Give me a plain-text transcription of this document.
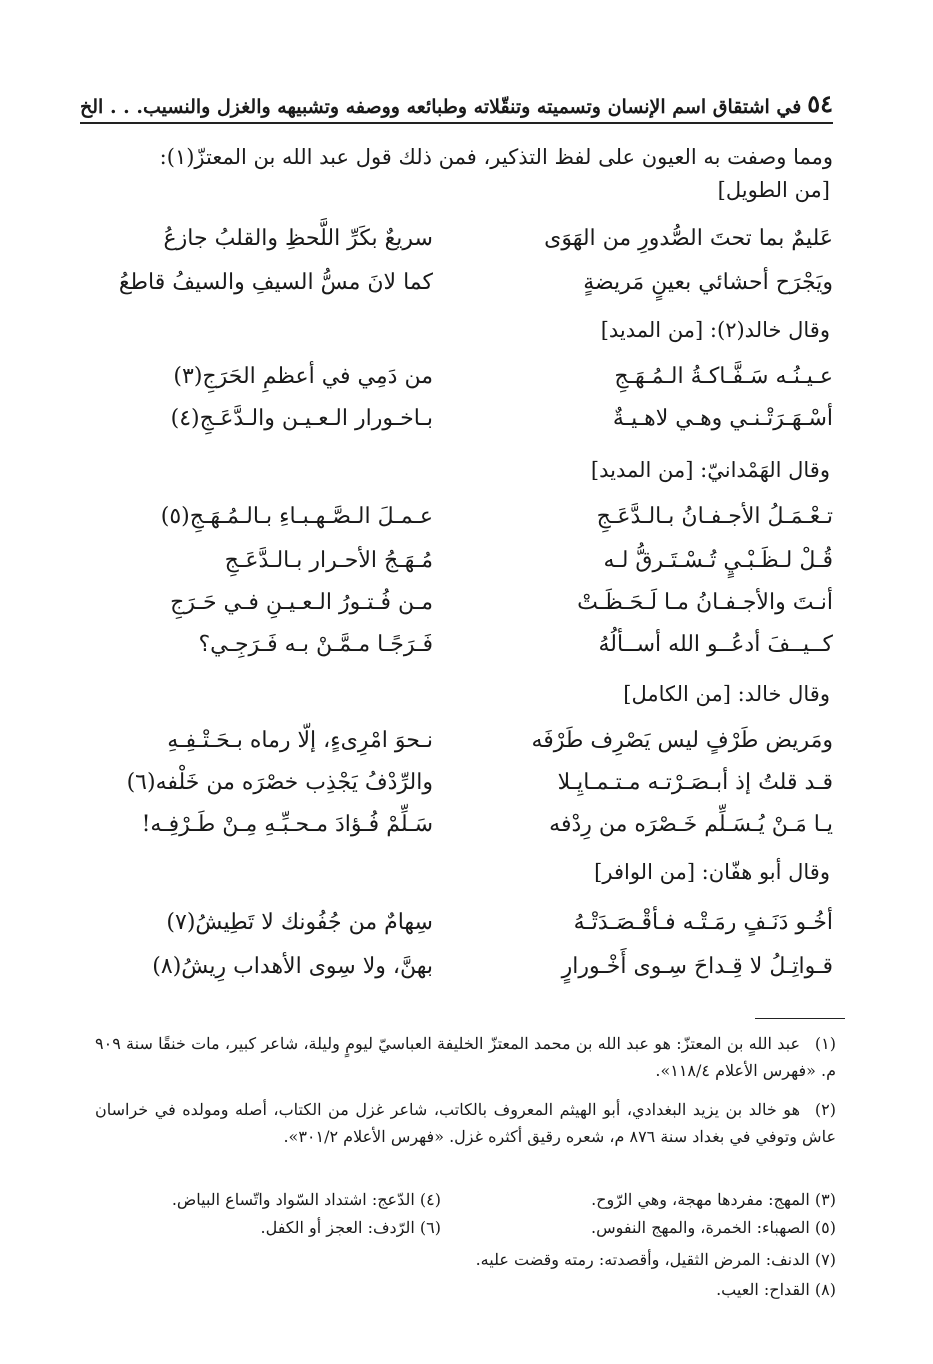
٥٤
في اشتقاق اسم الإنسان وتسميته وتنقّلاته وطبائعه ووصفه وتشبيهه والغزل والنسيب. . . الخ
ومما وصفت به العيون على لفظ التذكير، فمن ذلك قول عبد الله بن المعتزّ(١):
[من الطويل]
عَليمٌ بما تحتَ الصُّدورِ من الهَوَى
سريعٌ بكَرِّ اللَّحظِ والقلبُ جازعُ
ويَجْرَح أحشائي بعينٍ مَريضةٍ
كما لانَ مسُّ السيفِ والسيفُ قاطعُ
وقال خالد(٢): [من المديد]
عـيـنُـه سَـفَّـاكـةُ الـمُـهَـجِ
من دَمِي في أعظمِ الحَرَجِ(٣)
أسْـهَـرَتْـنـي وهـي لاهـيـةٌ
بـاخـورار الـعـيـن والـدَّعَـجِ(٤)
وقال الهَمْدانيّ: [من المديد]
تـعْـمَـلُ الأجـفـانُ بـالـدَّعَـجِ
عـمـلَ الـصَّـهـبـاءِ بـالـمُـهَـجِ(٥)
قُـلْ لـظَـبْـيٍ تُـسْـتَـرقُّ لـه
مُـهَـجُ الأحـرار بـالـدَّعَـجِ
أنـتَ والأجـفـانُ مـا لَـحَـظَـتْ
مـن فُـتـورُ الـعـيـنِ فـي حَـرَجِ
كــيــفَ أدعُــو الله أســألُهُ
فَـرَجًـا مـمَّـنْ بـه فَـرَجِـي؟
وقال خالد: [من الكامل]
ومَريض طَرْفٍ ليس يَصْرِف طَرْفَه
نـحوَ امْرِىءٍ، إلّا رماه بـحَـتْـفِـهِ
قـد قلتُ إذ أبـصَـرْتـه مـتـمـايِـلا
والرِّدْفُ يَجْذِب خصْرَه من خَلْفه(٦)
يـا مَـنْ يُـسَـلِّم خَـصْرَه من رِدْفه
سَـلِّمْ فُـؤادَ مـحـبِّـهِ مِـنْ طَـرْفِـه!
وقال أبو هفّان: [من الوافر]
أخُـو دَنَـفٍ رمَـتْـه فـأقْـصَـدَتْـهُ
سِهامٌ من جُفُونك لا تَطِيشُ(٧)
قـواتِـلُ لا قِـداحَ سِـوى أَخْـورارٍ
بهنَّ، ولا سِوى الأهداب رِيشُ(٨)
(١)عبد الله بن المعتزّ: هو عبد الله بن محمد المعتزّ الخليفة العباسيّ ليومٍ وليلة، شاعر كبير، مات خنقًا سنة ٩٠٩ م. «فهرس الأعلام ١١٨/٤».
(٢)هو خالد بن يزيد البغدادي، أبو الهيثم المعروف بالكاتب، شاعر غزل من الكتاب، أصله ومولده في خراسان عاش وتوفي في بغداد سنة ٨٧٦ م، شعره رقيق أكثره غزل. «فهرس الأعلام ٣٠١/٢».
(٣) المهج: مفردها مهجة، وهي الرّوح.
(٤) الدّعج: اشتداد السّواد واتّساع البياض.
(٥) الصهباء: الخمرة، والمهج النفوس.
(٦) الرّدف: العجز أو الكفل.
(٧) الدنف: المرض الثقيل، وأقصدته: رمته وقضت عليه.
(٨) القداح: العيب.
